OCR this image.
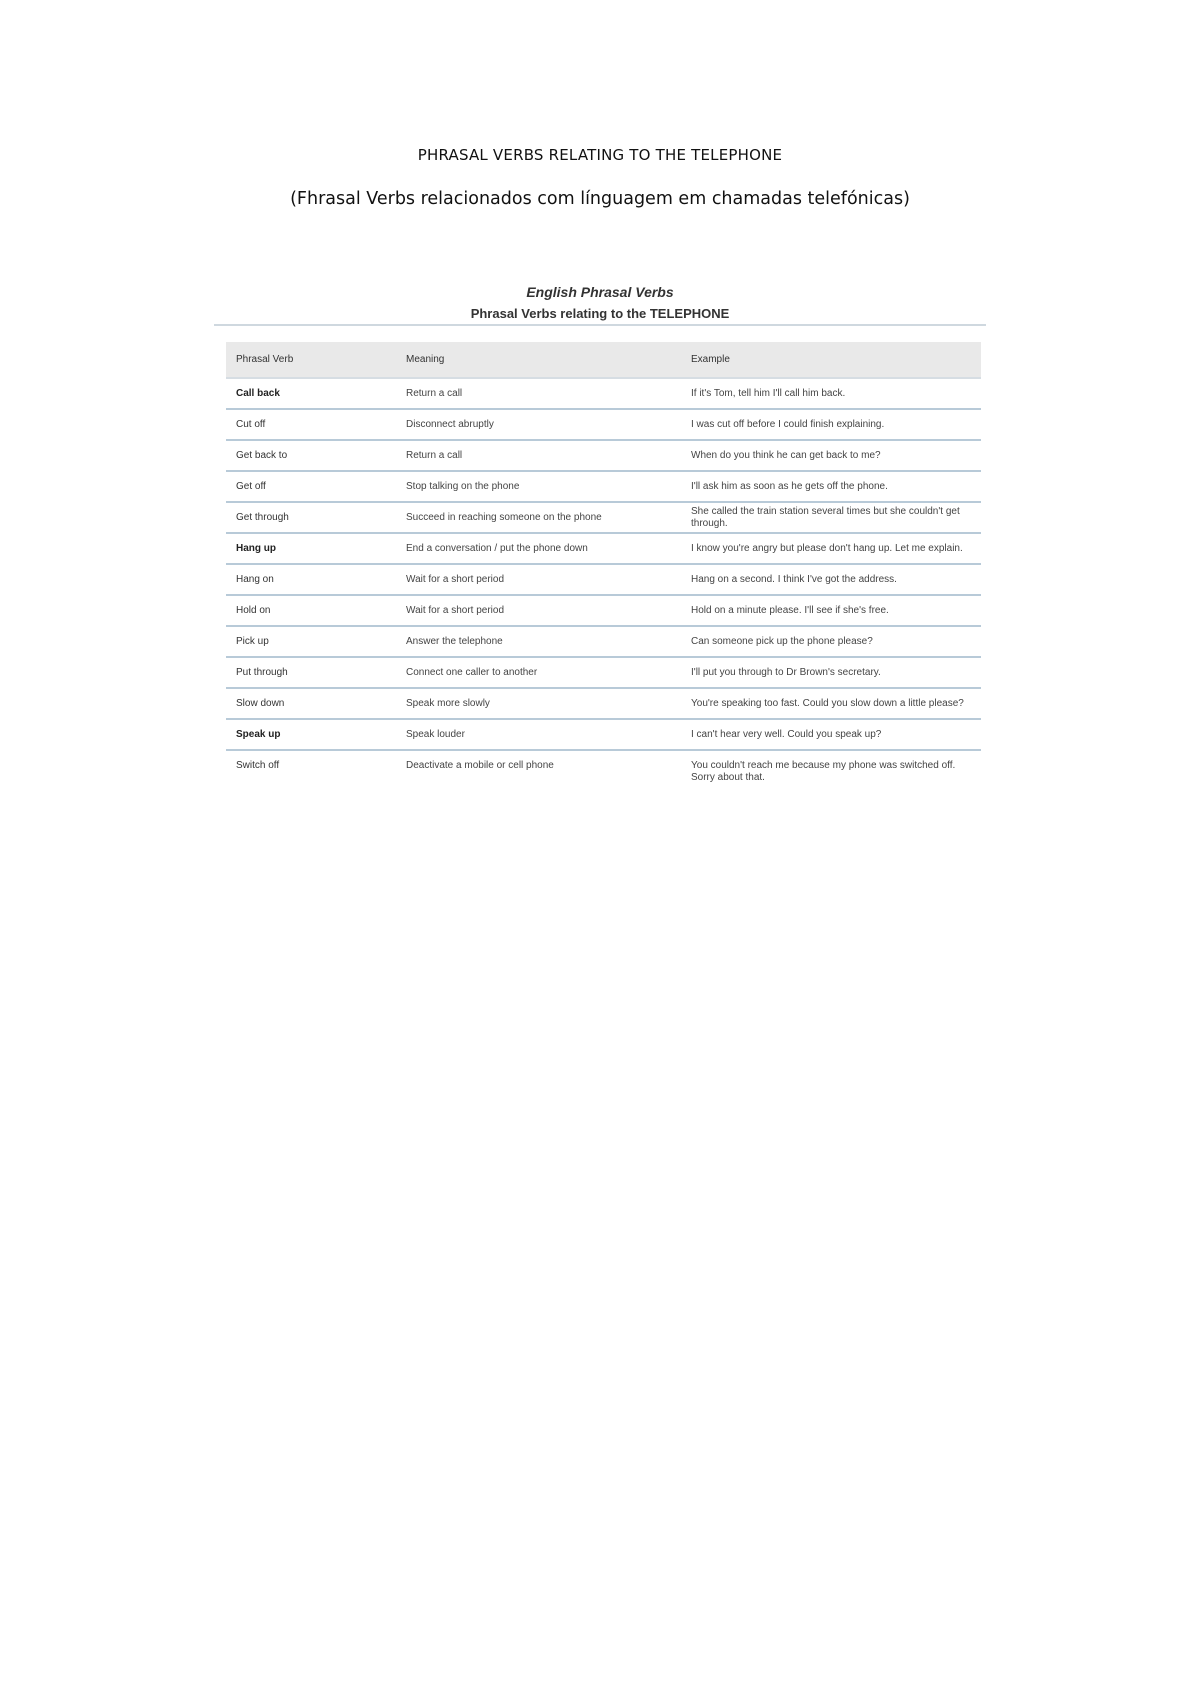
PHRASAL VERBS RELATING TO THE TELEPHONE
(Fhrasal Verbs relacionados com línguagem em chamadas telefónicas)
English Phrasal Verbs
Phrasal Verbs relating to the TELEPHONE
Phrasal Verb	Meaning	Example
Call back	Return a call	If it's Tom, tell him I'll call him back.
Cut off	Disconnect abruptly	I was cut off before I could finish explaining.
Get back to	Return a call	When do you think he can get back to me?
Get off	Stop talking on the phone	I'll ask him as soon as he gets off the phone.
Get through	Succeed in reaching someone on the phone	She called the train station several times but she couldn't get through.
Hang up	End a conversation / put the phone down	I know you're angry but please don't hang up. Let me explain.
Hang on	Wait for a short period	Hang on a second. I think I've got the address.
Hold on	Wait for a short period	Hold on a minute please. I'll see if she's free.
Pick up	Answer the telephone	Can someone pick up the phone please?
Put through	Connect one caller to another	I'll put you through to Dr Brown's secretary.
Slow down	Speak more slowly	You're speaking too fast. Could you slow down a little please?
Speak up	Speak louder	I can't hear very well. Could you speak up?
Switch off	Deactivate a mobile or cell phone	You couldn't reach me because my phone was switched off. Sorry about that.
